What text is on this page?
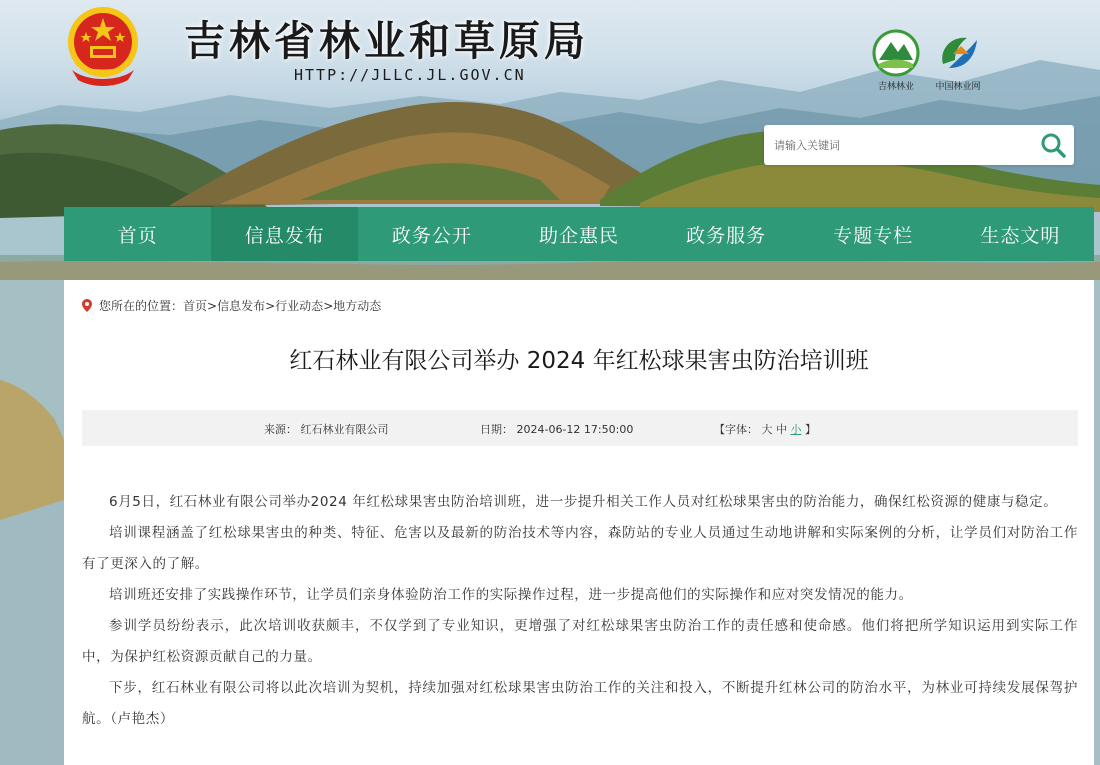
吉林省林业和草原局
HTTP://JLLC.JL.GOV.CN
吉林林业	中国林业网
请输入关键词
首页	信息发布	政务公开	助企惠民	政务服务	专题专栏	生态文明
您所在的位置： 首页 > 信息发布 > 行业动态 > 地方动态
红石林业有限公司举办 2024 年红松球果害虫防治培训班
来源： 红石林业有限公司	日期： 2024-06-12 17:50:00	【字体： 大 中 小 】

6月5日，红石林业有限公司举办2024 年红松球果害虫防治培训班，进一步提升相关工作人员对红松球果害虫的防治能力，确保红松资源的健康与稳定。

培训课程涵盖了红松球果害虫的种类、特征、危害以及最新的防治技术等内容，森防站的专业人员通过生动地讲解和实际案例的分析，让学员们对防治工作有了更深入的了解。

培训班还安排了实践操作环节，让学员们亲身体验防治工作的实际操作过程，进一步提高他们的实际操作和应对突发情况的能力。

参训学员纷纷表示，此次培训收获颇丰，不仅学到了专业知识，更增强了对红松球果害虫防治工作的责任感和使命感。他们将把所学知识运用到实际工作中，为保护红松资源贡献自己的力量。

下步，红石林业有限公司将以此次培训为契机，持续加强对红松球果害虫防治工作的关注和投入，不断提升红林公司的防治水平，为林业可持续发展保驾护航。（卢艳杰）
